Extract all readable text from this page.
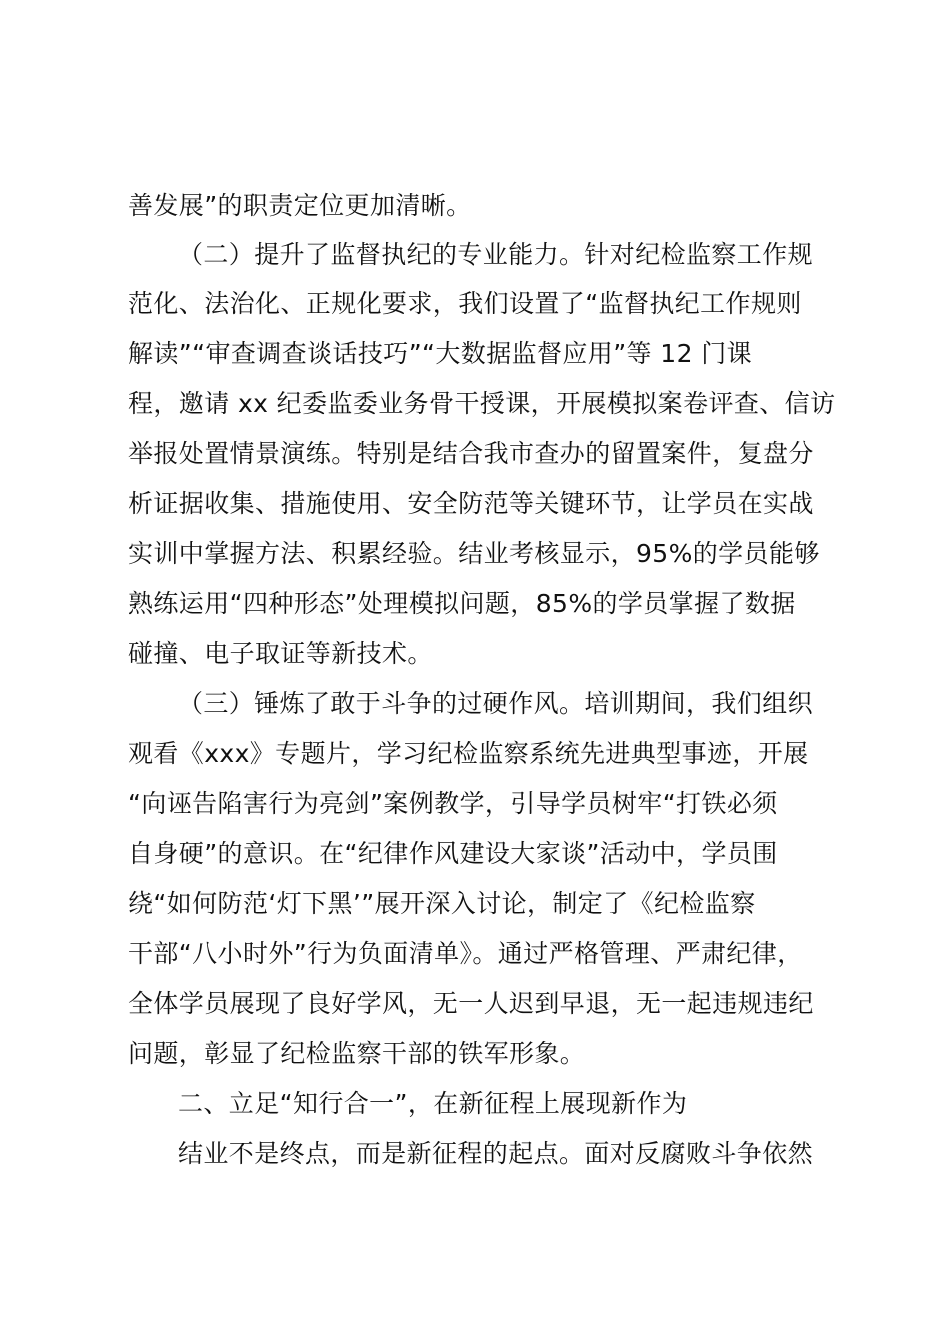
善发展”的职责定位更加清晰。
（二）提升了监督执纪的专业能力。针对纪检监察工作规
范化、法治化、正规化要求，我们设置了“监督执纪工作规则
解读”“审查调查谈话技巧”“大数据监督应用”等 12 门课
程，邀请 xx 纪委监委业务骨干授课，开展模拟案卷评查、信访
举报处置情景演练。特别是结合我市查办的留置案件，复盘分
析证据收集、措施使用、安全防范等关键环节，让学员在实战
实训中掌握方法、积累经验。结业考核显示，95%的学员能够
熟练运用“四种形态”处理模拟问题，85%的学员掌握了数据
碰撞、电子取证等新技术。
（三）锤炼了敢于斗争的过硬作风。培训期间，我们组织
观看《xxx》专题片，学习纪检监察系统先进典型事迹，开展
“向诬告陷害行为亮剑”案例教学，引导学员树牢“打铁必须
自身硬”的意识。在“纪律作风建设大家谈”活动中，学员围
绕“如何防范‘灯下黑’”展开深入讨论，制定了《纪检监察
干部“八小时外”行为负面清单》。通过严格管理、严肃纪律，
全体学员展现了良好学风，无一人迟到早退，无一起违规违纪
问题，彰显了纪检监察干部的铁军形象。
二、立足“知行合一”，在新征程上展现新作为
结业不是终点，而是新征程的起点。面对反腐败斗争依然
